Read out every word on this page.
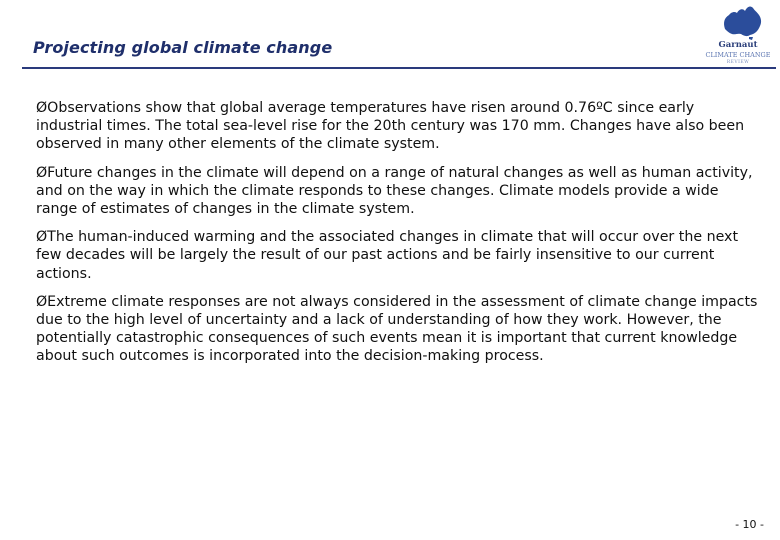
Projecting global climate change	Garnaut
CLIMATE CHANGE
REVIEW
ØObservations show that global average temperatures have risen around 0.76ºC since early industrial times. The total sea-level rise for the 20th century was 170 mm. Changes have also been observed in many other elements of the climate system.
ØFuture changes in the climate will depend on a range of natural changes as well as human activity, and on the way in which the climate responds to these changes. Climate models provide a wide range of estimates of changes in the climate system.
ØThe human-induced warming and the associated changes in climate that will occur over the next few decades will be largely the result of our past actions and be fairly insensitive to our current actions.
ØExtreme climate responses are not always considered in the assessment of climate change impacts due to the high level of uncertainty and a lack of understanding of how they work. However, the potentially catastrophic consequences of such events mean it is important that current knowledge about such outcomes is incorporated into the decision-making process.
- 10 -
